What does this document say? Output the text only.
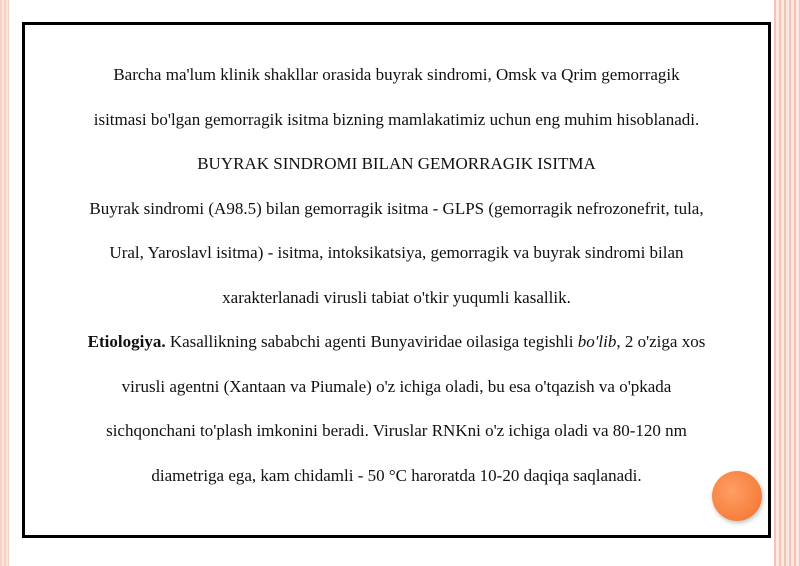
Barcha ma'lum klinik shakllar orasida buyrak sindromi, Omsk va Qrim gemorragik
isitmasi bo'lgan gemorragik isitma bizning mamlakatimiz uchun eng muhim hisoblanadi.
BUYRAK SINDROMI BILAN GEMORRAGIK ISITMA
Buyrak sindromi (A98.5) bilan gemorragik isitma - GLPS (gemorragik nefrozonefrit, tula,
Ural, Yaroslavl isitma) - isitma, intoksikatsiya, gemorragik va buyrak sindromi bilan
xarakterlanadi virusli tabiat o'tkir yuqumli kasallik.
Etiologiya. Kasallikning sababchi agenti Bunyaviridae oilasiga tegishli bo'lib, 2 o'ziga xos
virusli agentni (Xantaan va Piumale) o'z ichiga oladi, bu esa o'tqazish va o'pkada
sichqonchani to'plash imkonini beradi. Viruslar RNKni o'z ichiga oladi va 80-120 nm
diametriga ega, kam chidamli - 50 °C haroratda 10-20 daqiqa saqlanadi.
